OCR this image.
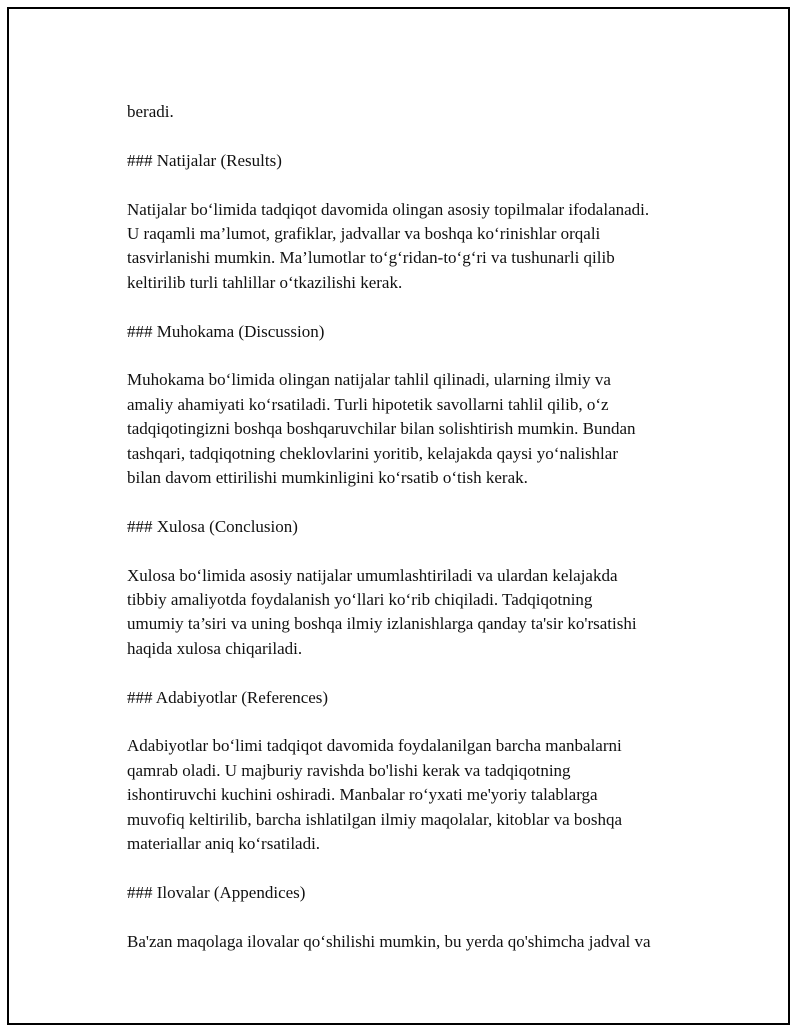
beradi.

### Natijalar (Results)

Natijalar bo‘limida tadqiqot davomida olingan asosiy topilmalar ifodalanadi.
U raqamli ma’lumot, grafiklar, jadvallar va boshqa ko‘rinishlar orqali
tasvirlanishi mumkin. Ma’lumotlar to‘g‘ridan-to‘g‘ri va tushunarli qilib
keltirilib turli tahlillar o‘tkazilishi kerak.

### Muhokama (Discussion)

Muhokama bo‘limida olingan natijalar tahlil qilinadi, ularning ilmiy va
amaliy ahamiyati ko‘rsatiladi. Turli hipotetik savollarni tahlil qilib, o‘z
tadqiqotingizni boshqa boshqaruvchilar bilan solishtirish mumkin. Bundan
tashqari, tadqiqotning cheklovlarini yoritib, kelajakda qaysi yo‘nalishlar
bilan davom ettirilishi mumkinligini ko‘rsatib o‘tish kerak.

### Xulosa (Conclusion)

Xulosa bo‘limida asosiy natijalar umumlashtiriladi va ulardan kelajakda
tibbiy amaliyotda foydalanish yo‘llari ko‘rib chiqiladi. Tadqiqotning
umumiy ta’siri va uning boshqa ilmiy izlanishlarga qanday ta'sir ko'rsatishi
haqida xulosa chiqariladi.

### Adabiyotlar (References)

Adabiyotlar bo‘limi tadqiqot davomida foydalanilgan barcha manbalarni
qamrab oladi. U majburiy ravishda bo'lishi kerak va tadqiqotning
ishontiruvchi kuchini oshiradi. Manbalar ro‘yxati me'yoriy talablarga
muvofiq keltirilib, barcha ishlatilgan ilmiy maqolalar, kitoblar va boshqa
materiallar aniq ko‘rsatiladi.

### Ilovalar (Appendices)

Ba'zan maqolaga ilovalar qo‘shilishi mumkin, bu yerda qo'shimcha jadval va
